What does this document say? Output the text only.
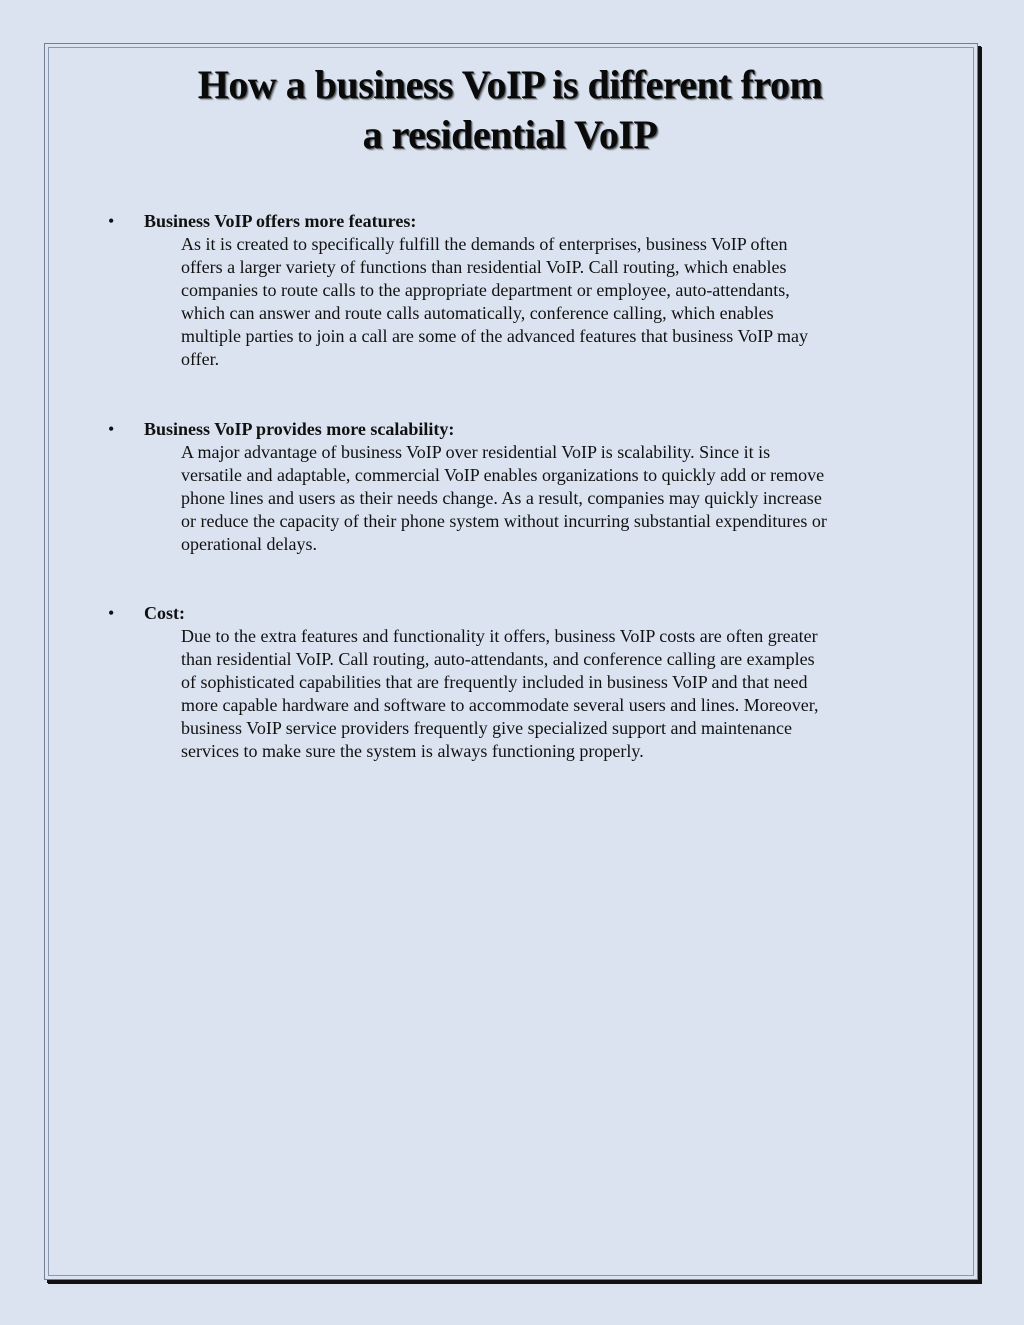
How a business VoIP is different from
a residential VoIP
• Business VoIP offers more features:
As it is created to specifically fulfill the demands of enterprises, business VoIP often
offers a larger variety of functions than residential VoIP. Call routing, which enables
companies to route calls to the appropriate department or employee, auto-attendants,
which can answer and route calls automatically, conference calling, which enables
multiple parties to join a call are some of the advanced features that business VoIP may
offer.
• Business VoIP provides more scalability:
A major advantage of business VoIP over residential VoIP is scalability. Since it is
versatile and adaptable, commercial VoIP enables organizations to quickly add or remove
phone lines and users as their needs change. As a result, companies may quickly increase
or reduce the capacity of their phone system without incurring substantial expenditures or
operational delays.
• Cost:
Due to the extra features and functionality it offers, business VoIP costs are often greater
than residential VoIP. Call routing, auto-attendants, and conference calling are examples
of sophisticated capabilities that are frequently included in business VoIP and that need
more capable hardware and software to accommodate several users and lines. Moreover,
business VoIP service providers frequently give specialized support and maintenance
services to make sure the system is always functioning properly.
